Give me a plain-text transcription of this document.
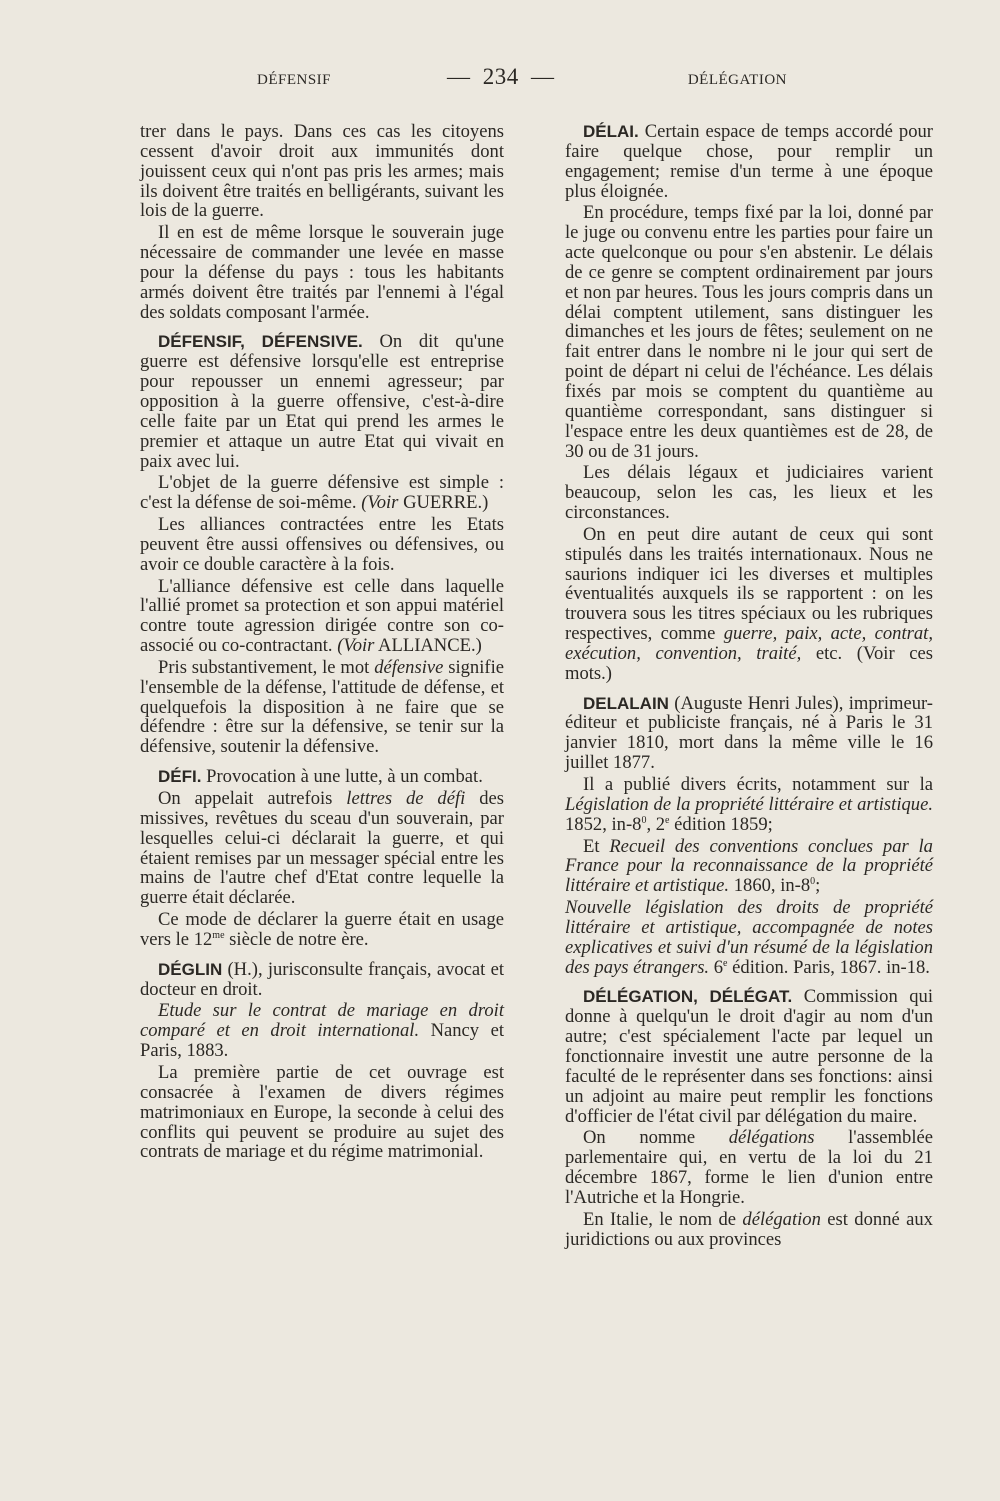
DÉFENSIF	— 234 —	DÉLÉGATION

trer dans le pays. Dans ces cas les citoyens cessent d'avoir droit aux immunités dont jouissent ceux qui n'ont pas pris les armes; mais ils doivent être traités en belligérants, suivant les lois de la guerre.

Il en est de même lorsque le souverain juge nécessaire de commander une levée en masse pour la défense du pays : tous les habitants armés doivent être traités par l'ennemi à l'égal des soldats composant l'armée.

DÉFENSIF, DÉFENSIVE. On dit qu'une guerre est défensive lorsqu'elle est entreprise pour repousser un ennemi agresseur; par opposition à la guerre offensive, c'est-à-dire celle faite par un Etat qui prend les armes le premier et attaque un autre Etat qui vivait en paix avec lui.

L'objet de la guerre défensive est simple : c'est la défense de soi-même. (Voir GUERRE.)

Les alliances contractées entre les Etats peuvent être aussi offensives ou défensives, ou avoir ce double caractère à la fois.

L'alliance défensive est celle dans laquelle l'allié promet sa protection et son appui matériel contre toute agression dirigée contre son co-associé ou co-contractant. (Voir ALLIANCE.)

Pris substantivement, le mot défensive signifie l'ensemble de la défense, l'attitude de défense, et quelquefois la disposition à ne faire que se défendre : être sur la défensive, se tenir sur la défensive, soutenir la défensive.

DÉFI. Provocation à une lutte, à un combat.

On appelait autrefois lettres de défi des missives, revêtues du sceau d'un souverain, par lesquelles celui-ci déclarait la guerre, et qui étaient remises par un messager spécial entre les mains de l'autre chef d'Etat contre lequelle la guerre était déclarée.

Ce mode de déclarer la guerre était en usage vers le $12^{me}$ siècle de notre ère.

DÉGLIN (H.), jurisconsulte français, avocat et docteur en droit.

Etude sur le contrat de mariage en droit comparé et en droit international. Nancy et Paris, 1883.

La première partie de cet ouvrage est consacrée à l'examen de divers régimes matrimoniaux en Europe, la seconde à celui des conflits qui peuvent se produire au sujet des contrats de mariage et du régime matrimonial.

DÉLAI. Certain espace de temps accordé pour faire quelque chose, pour remplir un engagement; remise d'un terme à une époque plus éloignée.

En procédure, temps fixé par la loi, donné par le juge ou convenu entre les parties pour faire un acte quelconque ou pour s'en abstenir. Le délais de ce genre se comptent ordinairement par jours et non par heures. Tous les jours compris dans un délai comptent utilement, sans distinguer les dimanches et les jours de fêtes; seulement on ne fait entrer dans le nombre ni le jour qui sert de point de départ ni celui de l'échéance. Les délais fixés par mois se comptent du quantième au quantième correspondant, sans distinguer si l'espace entre les deux quantièmes est de 28, de 30 ou de 31 jours.

Les délais légaux et judiciaires varient beaucoup, selon les cas, les lieux et les circonstances.

On en peut dire autant de ceux qui sont stipulés dans les traités internationaux. Nous ne saurions indiquer ici les diverses et multiples éventualités auxquels ils se rapportent : on les trouvera sous les titres spéciaux ou les rubriques respectives, comme guerre, paix, acte, contrat, exécution, convention, traité, etc. (Voir ces mots.)

DELALAIN (Auguste Henri Jules), imprimeur-éditeur et publiciste français, né à Paris le 31 janvier 1810, mort dans la même ville le 16 juillet 1877.

Il a publié divers écrits, notamment sur la Législation de la propriété littéraire et artistique. 1852, $in-8^0$, 2e édition 1859;

Et Recueil des conventions conclues par la France pour la reconnaissance de la propriété littéraire et artistique. 1860, $in-8^0$;

Nouvelle législation des droits de propriété littéraire et artistique, accompagnée de notes explicatives et suivi d'un résumé de la législation des pays étrangers. 6e édition. Paris, 1867. in-18.

DÉLÉGATION, DÉLÉGAT. Commission qui donne à quelqu'un le droit d'agir au nom d'un autre; c'est spécialement l'acte par lequel un fonctionnaire investit une autre personne de la faculté de le représenter dans ses fonctions: ainsi un adjoint au maire peut remplir les fonctions d'officier de l'état civil par délégation du maire.

On nomme délégations l'assemblée parlementaire qui, en vertu de la loi du 21 décembre 1867, forme le lien d'union entre l'Autriche et la Hongrie.

En Italie, le nom de délégation est donné aux juridictions ou aux provinces
